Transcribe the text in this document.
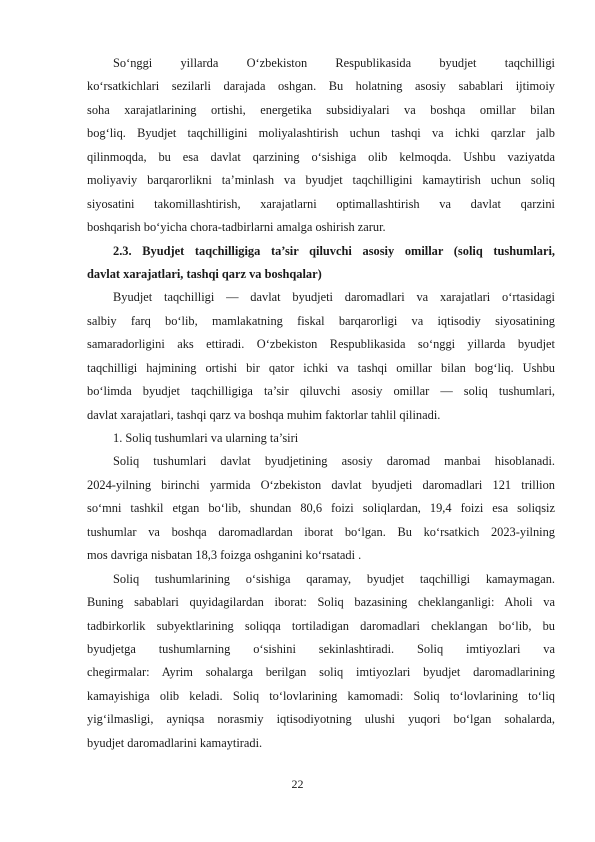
So‘nggi yillarda O‘zbekiston Respublikasida byudjet taqchilligi
ko‘rsatkichlari sezilarli darajada oshgan. Bu holatning asosiy sabablari ijtimoiy
soha xarajatlarining ortishi, energetika subsidiyalari va boshqa omillar bilan
bog‘liq. Byudjet taqchilligini moliyalashtirish uchun tashqi va ichki qarzlar jalb
qilinmoqda, bu esa davlat qarzining o‘sishiga olib kelmoqda. Ushbu vaziyatda
moliyaviy barqarorlikni ta’minlash va byudjet taqchilligini kamaytirish uchun soliq
siyosatini takomillashtirish, xarajatlarni optimallashtirish va davlat qarzini
boshqarish bo‘yicha chora-tadbirlarni amalga oshirish zarur.
2.3. Byudjet taqchilligiga ta’sir qiluvchi asosiy omillar (soliq tushumlari,
davlat xarajatlari, tashqi qarz va boshqalar)
Byudjet taqchilligi — davlat byudjeti daromadlari va xarajatlari o‘rtasidagi
salbiy farq bo‘lib, mamlakatning fiskal barqarorligi va iqtisodiy siyosatining
samaradorligini aks ettiradi. O‘zbekiston Respublikasida so‘nggi yillarda byudjet
taqchilligi hajmining ortishi bir qator ichki va tashqi omillar bilan bog‘liq. Ushbu
bo‘limda byudjet taqchilligiga ta’sir qiluvchi asosiy omillar — soliq tushumlari,
davlat xarajatlari, tashqi qarz va boshqa muhim faktorlar tahlil qilinadi.
1. Soliq tushumlari va ularning ta’siri
Soliq tushumlari davlat byudjetining asosiy daromad manbai hisoblanadi.
2024-yilning birinchi yarmida O‘zbekiston davlat byudjeti daromadlari 121 trillion
so‘mni tashkil etgan bo‘lib, shundan 80,6 foizi soliqlardan, 19,4 foizi esa soliqsiz
tushumlar va boshqa daromadlardan iborat bo‘lgan. Bu ko‘rsatkich 2023-yilning
mos davriga nisbatan 18,3 foizga oshganini ko‘rsatadi .
Soliq tushumlarining o‘sishiga qaramay, byudjet taqchilligi kamaymagan.
Buning sabablari quyidagilardan iborat: Soliq bazasining cheklanganligi: Aholi va
tadbirkorlik subyektlarining soliqqa tortiladigan daromadlari cheklangan bo‘lib, bu
byudjetga tushumlarning o‘sishini sekinlashtiradi. Soliq imtiyozlari va
chegirmalar: Ayrim sohalarga berilgan soliq imtiyozlari byudjet daromadlarining
kamayishiga olib keladi. Soliq to‘lovlarining kamomadi: Soliq to‘lovlarining to‘liq
yig‘ilmasligi, ayniqsa norasmiy iqtisodiyotning ulushi yuqori bo‘lgan sohalarda,
byudjet daromadlarini kamaytiradi.
22
